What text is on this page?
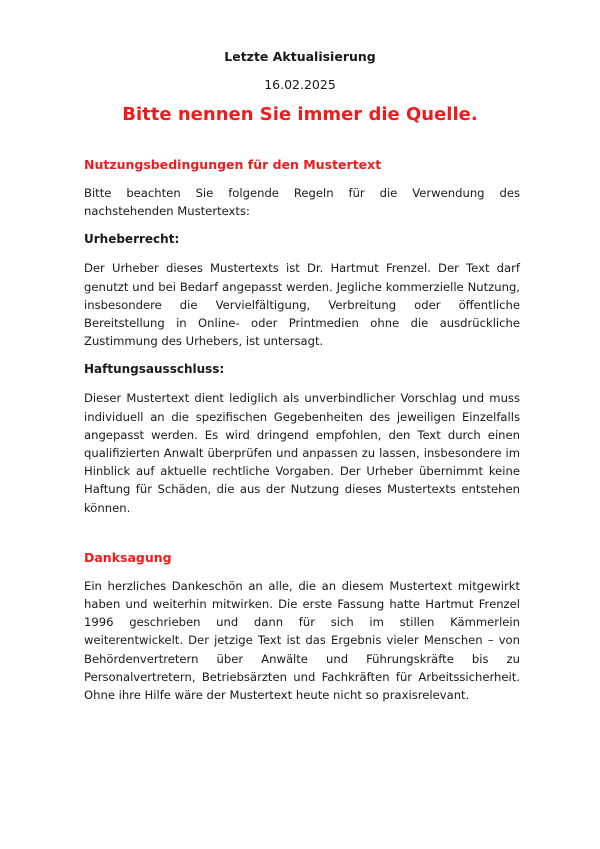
Letzte Aktualisierung
16.02.2025
Bitte nennen Sie immer die Quelle.
Nutzungsbedingungen für den Mustertext

Bitte beachten Sie folgende Regeln für die Verwendung des nachstehenden Mustertexts:

Urheberrecht:

Der Urheber dieses Mustertexts ist Dr. Hartmut Frenzel. Der Text darf genutzt und bei Bedarf angepasst werden. Jegliche kommerzielle Nutzung, insbesondere die Vervielfältigung, Verbreitung oder öffentliche Bereitstellung in Online- oder Printmedien ohne die ausdrückliche Zustimmung des Urhebers, ist untersagt.

Haftungsausschluss:

Dieser Mustertext dient lediglich als unverbindlicher Vorschlag und muss individuell an die spezifischen Gegebenheiten des jeweiligen Einzelfalls angepasst werden. Es wird dringend empfohlen, den Text durch einen qualifizierten Anwalt überprüfen und anpassen zu lassen, insbesondere im Hinblick auf aktuelle rechtliche Vorgaben. Der Urheber übernimmt keine Haftung für Schäden, die aus der Nutzung dieses Mustertexts entstehen können.

Danksagung

Ein herzliches Dankeschön an alle, die an diesem Mustertext mitgewirkt haben und weiterhin mitwirken. Die erste Fassung hatte Hartmut Frenzel 1996 geschrieben und dann für sich im stillen Kämmerlein weiterentwickelt. Der jetzige Text ist das Ergebnis vieler Menschen – von Behördenvertretern über Anwälte und Führungskräfte bis zu Personalvertretern, Betriebsärzten und Fachkräften für Arbeitssicherheit. Ohne ihre Hilfe wäre der Mustertext heute nicht so praxisrelevant.
